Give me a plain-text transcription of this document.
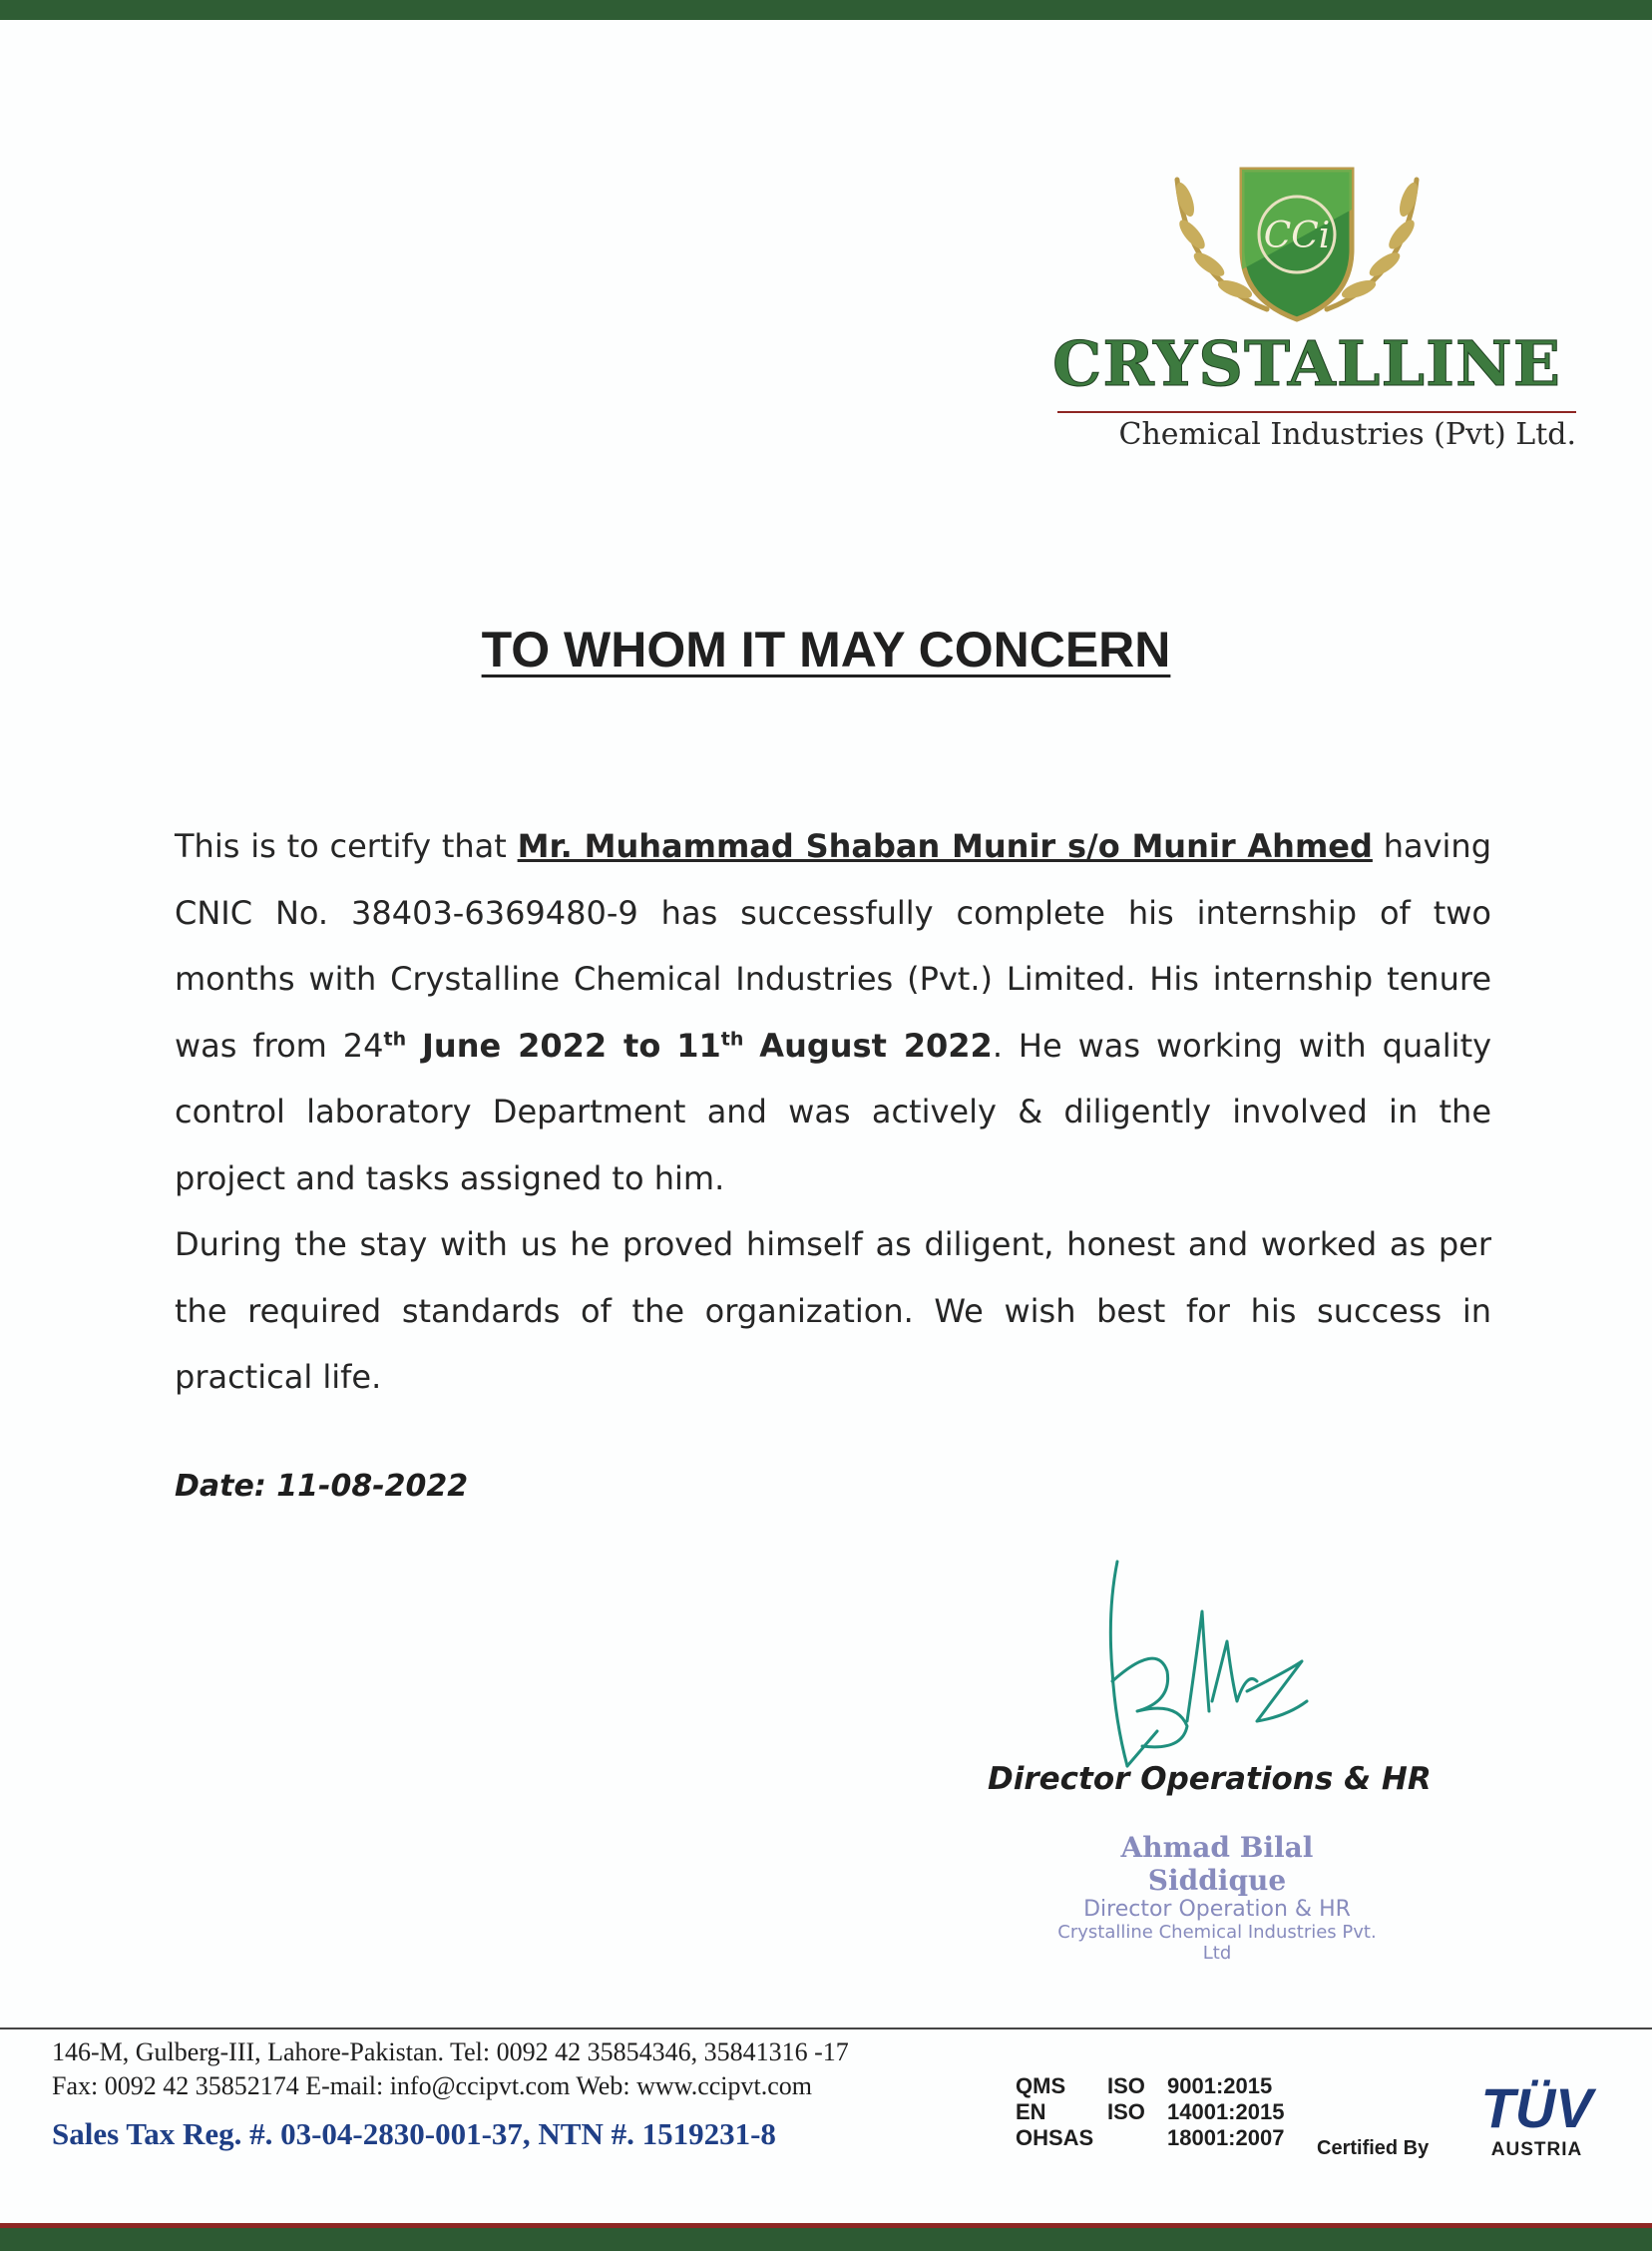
CCi
CRYSTALLINE
Chemical Industries (Pvt) Ltd.
TO WHOM IT MAY CONCERN

This is to certify that Mr. Muhammad Shaban Munir s/o Munir Ahmed having CNIC No. 38403-6369480-9 has successfully complete his internship of two months with Crystalline Chemical Industries (Pvt.) Limited. His internship tenure was from 24th June 2022 to 11th August 2022. He was working with quality control laboratory Department and was actively & diligently involved in the project and tasks assigned to him.

During the stay with us he proved himself as diligent, honest and worked as per the required standards of the organization. We wish best for his success in practical life.

Date: 11-08-2022
Director Operations & HR
Ahmad Bilal Siddique
Director Operation & HR
Crystalline Chemical Industries Pvt. Ltd
146-M, Gulberg-III, Lahore-Pakistan. Tel: 0092 42 35854346, 35841316 -17
Fax: 0092 42 35852174 E-mail: info@ccipvt.com Web: www.ccipvt.com
Sales Tax Reg. #. 03-04-2830-001-37, NTN #. 1519231-8
QMS ISO 9001:2015
EN	ISO 14001:2015
OHSAS	18001:2007 Certified By
TÜV
AUSTRIA
